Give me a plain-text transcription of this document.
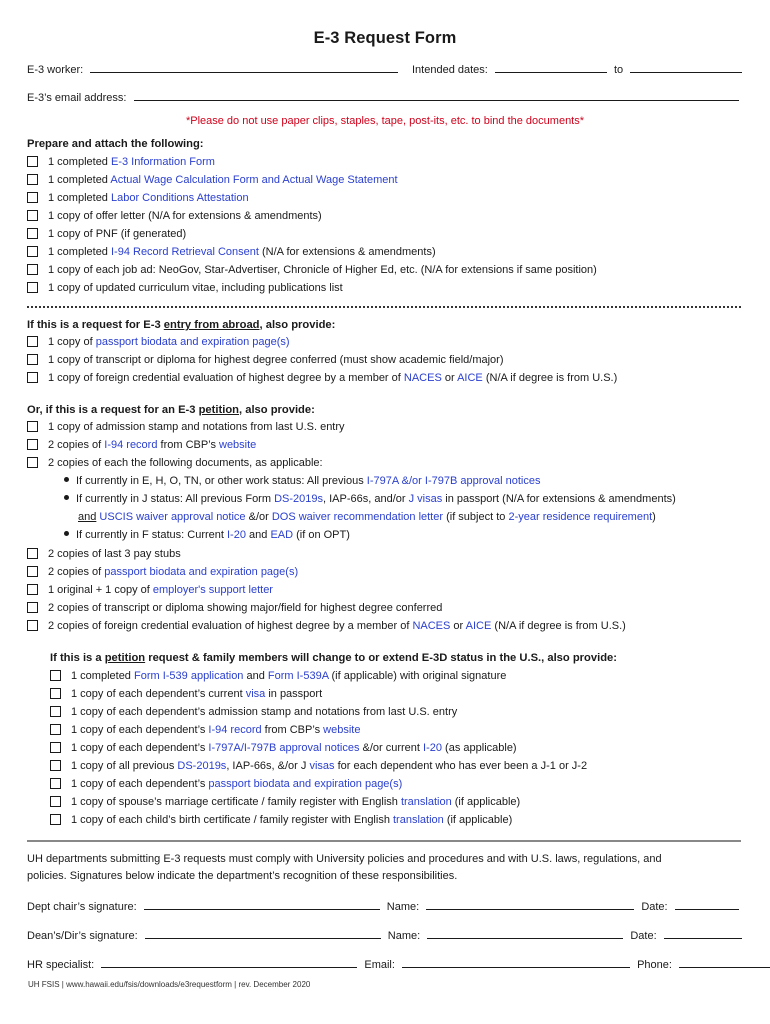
E-3 Request Form
E-3 worker:	Intended dates:	to
E-3’s email address:
*Please do not use paper clips, staples, tape, post-its, etc. to bind the documents*
Prepare and attach the following:
1 completed E-3 Information Form
1 completed Actual Wage Calculation Form and Actual Wage Statement
1 completed Labor Conditions Attestation
1 copy of offer letter (N/A for extensions & amendments)
1 copy of PNF (if generated)
1 completed I-94 Record Retrieval Consent (N/A for extensions & amendments)
1 copy of each job ad: NeoGov, Star-Advertiser, Chronicle of Higher Ed, etc. (N/A for extensions if same position)
1 copy of updated curriculum vitae, including publications list
If this is a request for E-3 entry from abroad, also provide:
1 copy of passport biodata and expiration page(s)
1 copy of transcript or diploma for highest degree conferred (must show academic field/major)
1 copy of foreign credential evaluation of highest degree by a member of NACES or AICE (N/A if degree is from U.S.)
Or, if this is a request for an E-3 petition, also provide:
1 copy of admission stamp and notations from last U.S. entry
2 copies of I-94 record from CBP’s website
2 copies of each the following documents, as applicable:
If currently in E, H, O, TN, or other work status: All previous I-797A &/or I-797B approval notices
If currently in J status: All previous Form DS-2019s, IAP-66s, and/or J visas in passport (N/A for extensions & amendments)
and USCIS waiver approval notice &/or DOS waiver recommendation letter (if subject to 2-year residence requirement)
If currently in F status: Current I-20 and EAD (if on OPT)
2 copies of last 3 pay stubs
2 copies of passport biodata and expiration page(s)
1 original + 1 copy of employer's support letter
2 copies of transcript or diploma showing major/field for highest degree conferred
2 copies of foreign credential evaluation of highest degree by a member of NACES or AICE (N/A if degree is from U.S.)
If this is a petition request & family members will change to or extend E-3D status in the U.S., also provide:
1 completed Form I-539 application and Form I-539A (if applicable) with original signature
1 copy of each dependent’s current visa in passport
1 copy of each dependent’s admission stamp and notations from last U.S. entry
1 copy of each dependent’s I-94 record from CBP’s website
1 copy of each dependent’s I-797A/I-797B approval notices &/or current I-20 (as applicable)
1 copy of all previous DS-2019s, IAP-66s, &/or J visas for each dependent who has ever been a J-1 or J-2
1 copy of each dependent’s passport biodata and expiration page(s)
1 copy of spouse’s marriage certificate / family register with English translation (if applicable)
1 copy of each child’s birth certificate / family register with English translation (if applicable)
UH departments submitting E-3 requests must comply with University policies and procedures and with U.S. laws, regulations, and
policies. Signatures below indicate the department’s recognition of these responsibilities.
Dept chair’s signature:	Name:	Date:
Dean’s/Dir’s signature:	Name:	Date:
HR specialist:	Email:	Phone:
UH FSIS | www.hawaii.edu/fsis/downloads/e3requestform | rev. December 2020
